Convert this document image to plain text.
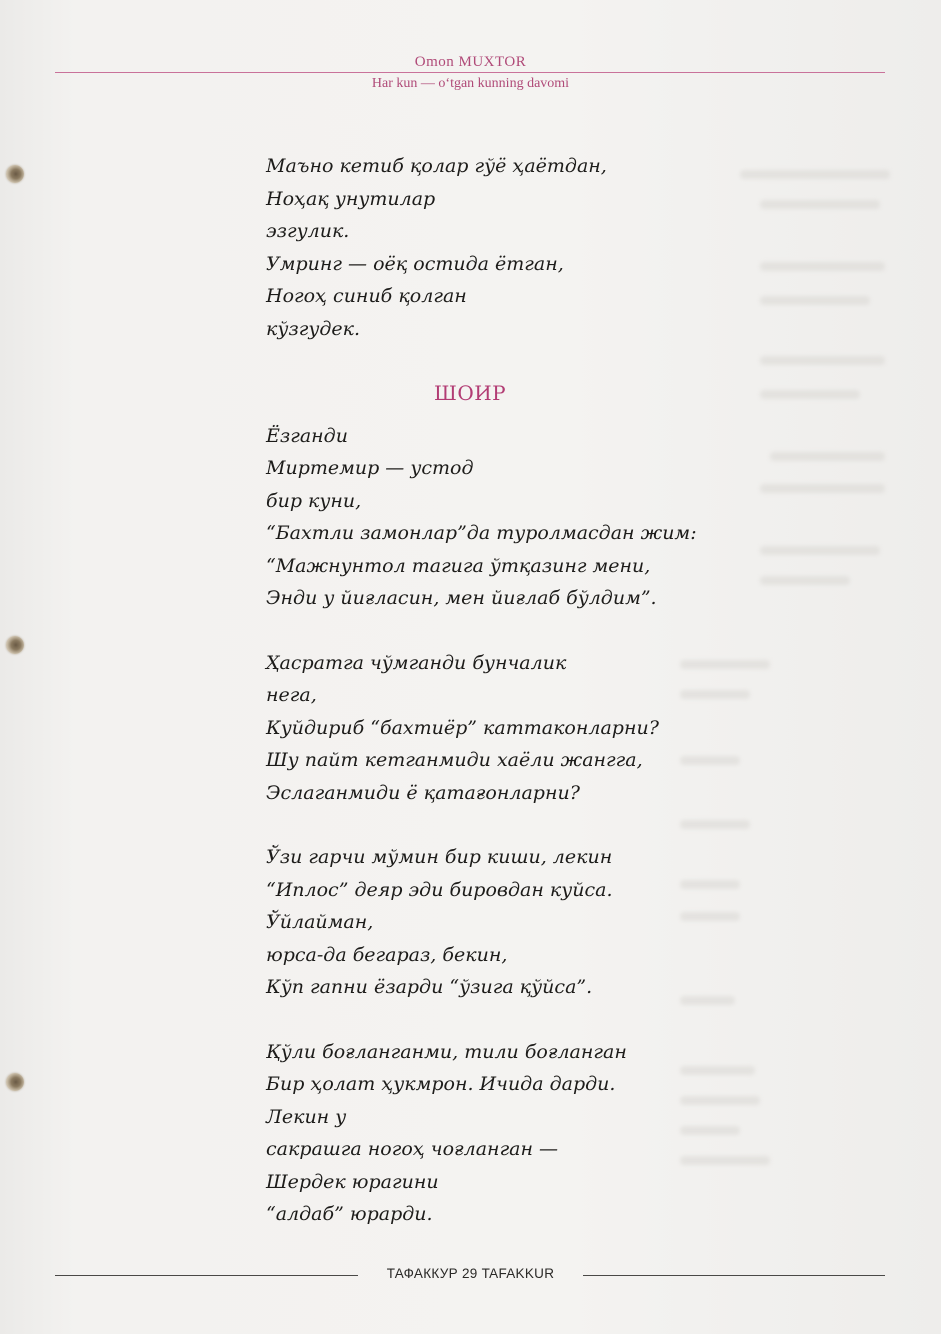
Omon MUXTOR
Har kun — o‘tgan kunning davomi
Маъно кетиб қолар гўё ҳаётдан,
Ноҳақ унутилар
эзгулик.
Умринг — оёқ остида ётган,
Ногоҳ синиб қолган
кўзгудек.
ШОИР
Ёзганди
Миртемир — устод
бир куни,
“Бахтли замонлар”да туролмасдан жим:
“Мажнунтол тагига ўтқазинг мени,
Энди у йиғласин, мен йиғлаб бўлдим”.
Ҳасратга чўмганди бунчалик
нега,
Куйдириб “бахтиёр” каттаконларни?
Шу пайт кетганмиди хаёли жангга,
Эслаганмиди ё қатағонларни?
Ўзи гарчи мўмин бир киши, лекин
“Иплос” деяр эди бировдан куйса.
Ўйлайман,
юрса-да бегараз, бекин,
Кўп гапни ёзарди “ўзига қўйса”.
Қўли боғланганми, тили боғланган
Бир ҳолат ҳукмрон. Ичида дарди.
Лекин у
сакрашга ногоҳ чоғланган —
Шердек юрагини
“алдаб” юрарди.
ТАФАККУР 29 TAFAKKUR
